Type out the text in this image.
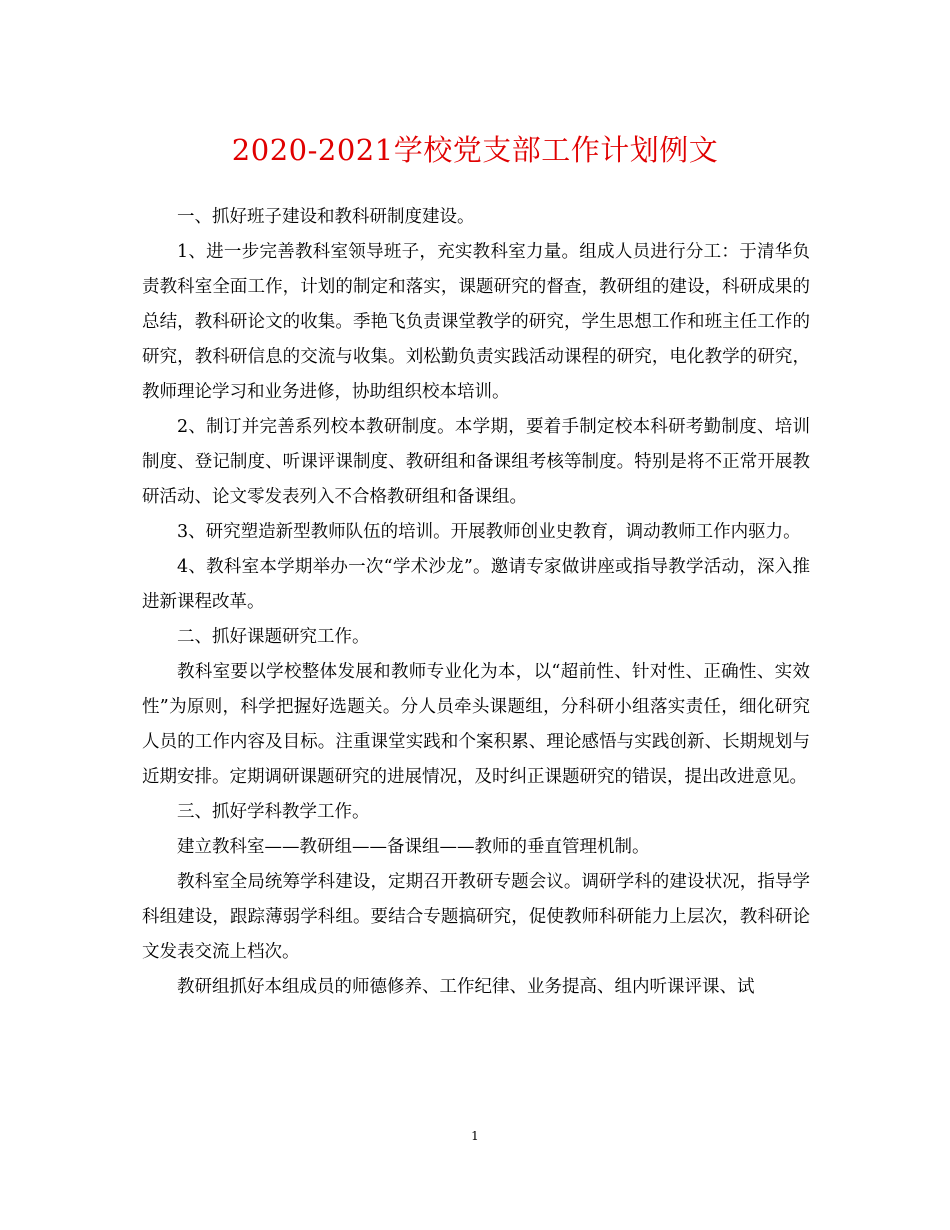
2020-2021学校党支部工作计划例文

一、抓好班子建设和教科研制度建设。

1、进一步完善教科室领导班子，充实教科室力量。组成人员进行分工：于清华负责教科室全面工作，计划的制定和落实，课题研究的督查，教研组的建设，科研成果的总结，教科研论文的收集。季艳飞负责课堂教学的研究，学生思想工作和班主任工作的研究，教科研信息的交流与收集。刘松勤负责实践活动课程的研究，电化教学的研究，教师理论学习和业务进修，协助组织校本培训。

2、制订并完善系列校本教研制度。本学期，要着手制定校本科研考勤制度、培训制度、登记制度、听课评课制度、教研组和备课组考核等制度。特别是将不正常开展教研活动、论文零发表列入不合格教研组和备课组。

3、研究塑造新型教师队伍的培训。开展教师创业史教育，调动教师工作内驱力。

4、教科室本学期举办一次“学术沙龙”。邀请专家做讲座或指导教学活动，深入推进新课程改革。

二、抓好课题研究工作。

教科室要以学校整体发展和教师专业化为本，以“超前性、针对性、正确性、实效性”为原则，科学把握好选题关。分人员牵头课题组，分科研小组落实责任，细化研究人员的工作内容及目标。注重课堂实践和个案积累、理论感悟与实践创新、长期规划与近期安排。定期调研课题研究的进展情况，及时纠正课题研究的错误，提出改进意见。

三、抓好学科教学工作。

建立教科室——教研组——备课组——教师的垂直管理机制。

教科室全局统筹学科建设，定期召开教研专题会议。调研学科的建设状况，指导学科组建设，跟踪薄弱学科组。要结合专题搞研究，促使教师科研能力上层次，教科研论文发表交流上档次。

教研组抓好本组成员的师德修养、工作纪律、业务提高、组内听课评课、试

1
